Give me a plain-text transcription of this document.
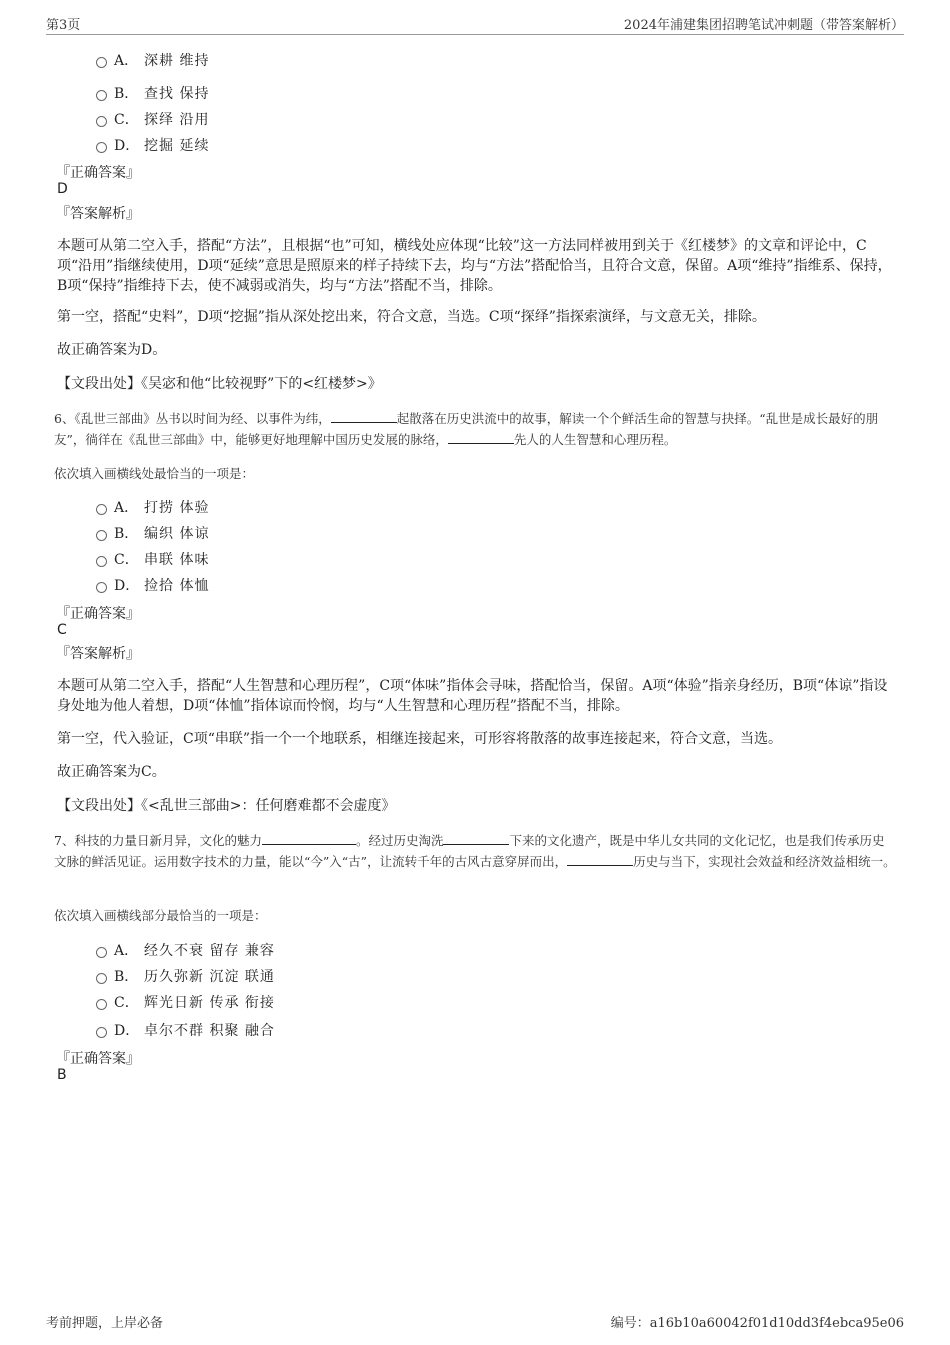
第3页	2024年浦建集团招聘笔试冲刺题（带答案解析）
A． 深耕 维持
B． 查找 保持
C． 探绎 沿用
D． 挖掘 延续
『正确答案』
D
『答案解析』

本题可从第二空入手，搭配“方法”，且根据“也”可知，横线处应体现“比较”这一方法同样被用到关于《红楼梦》的文章和评论中，C项“沿用”指继续使用，D项“延续”意思是照原来的样子持续下去，均与“方法”搭配恰当，且符合文意，保留。A项“维持”指维系、保持，B项“保持”指维持下去，使不减弱或消失，均与“方法”搭配不当，排除。

第一空，搭配“史料”，D项“挖掘”指从深处挖出来，符合文意，当选。C项“探绎”指探索演绎，与文意无关，排除。

故正确答案为D。

【文段出处】《吴宓和他“比较视野”下的<红楼梦>》

6、《乱世三部曲》丛书以时间为经、以事件为纬，	起散落在历史洪流中的故事，解读一个个鲜活生命的智慧与抉择。“乱世是成长最好的朋友”，徜徉在《乱世三部曲》中，能够更好地理解中国历史发展的脉络，	先人的人生智慧和心理历程。

依次填入画横线处最恰当的一项是：
A． 打捞 体验
B． 编织 体谅
C． 串联 体味
D． 捡拾 体恤
『正确答案』
C
『答案解析』

本题可从第二空入手，搭配“人生智慧和心理历程”，C项“体味”指体会寻味，搭配恰当，保留。A项“体验”指亲身经历，B项“体谅”指设身处地为他人着想，D项“体恤”指体谅而怜悯，均与“人生智慧和心理历程”搭配不当，排除。

第一空，代入验证，C项“串联”指一个一个地联系，相继连接起来，可形容将散落的故事连接起来，符合文意，当选。

故正确答案为C。

【文段出处】《<乱世三部曲>：任何磨难都不会虚度》

7、科技的力量日新月异，文化的魅力	。经过历史淘洗	下来的文化遗产，既是中华儿女共同的文化记忆，也是我们传承历史文脉的鲜活见证。运用数字技术的力量，能以“今”入“古”，让流转千年的古风古意穿屏而出，	历史与当下，实现社会效益和经济效益相统一。

依次填入画横线部分最恰当的一项是：
A． 经久不衰 留存 兼容
B． 历久弥新 沉淀 联通
C． 辉光日新 传承 衔接
D． 卓尔不群 积聚 融合
『正确答案』
B
考前押题，上岸必备	编号：a16b10a60042f01d10dd3f4ebca95e06
